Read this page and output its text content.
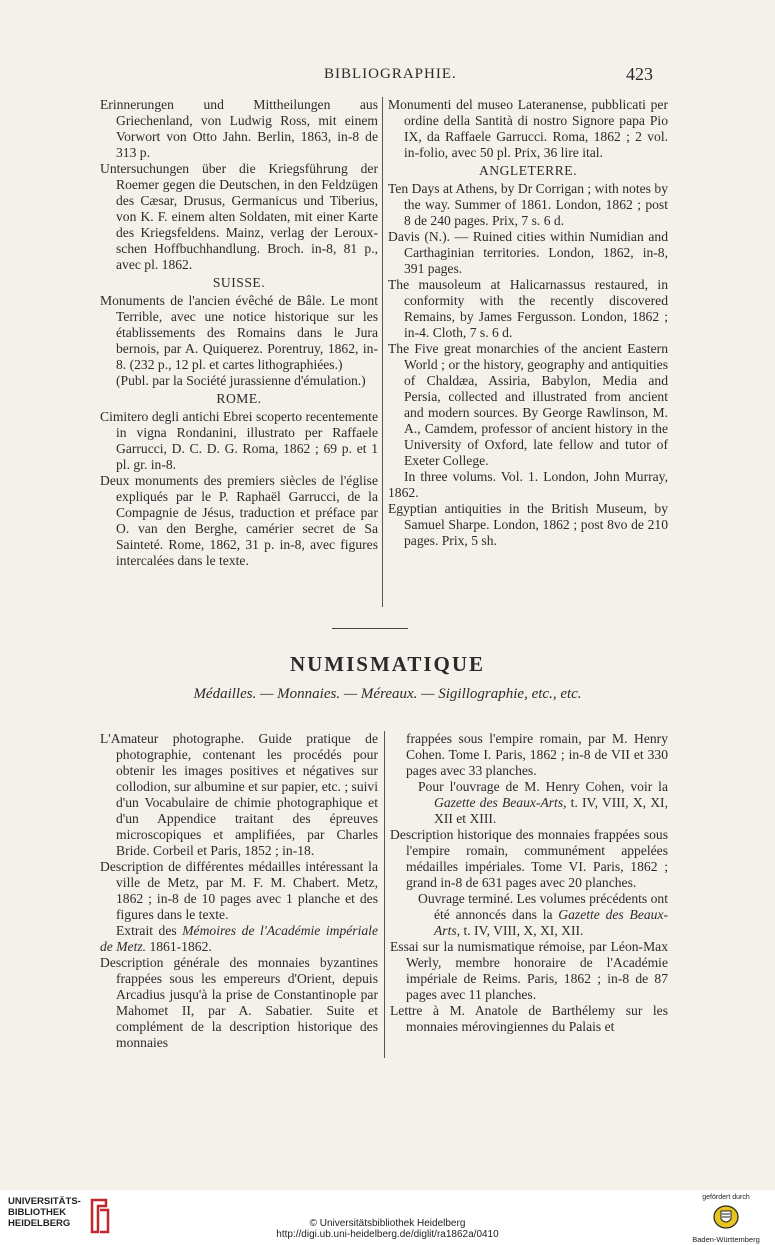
BIBLIOGRAPHIE.	423

Erinnerungen und Mittheilungen aus Griechenland, von Ludwig Ross, mit einem Vorwort von Otto Jahn. Berlin, 1863, in-8 de 313 p.

Untersuchungen über die Kriegsführung der Roemer gegen die Deutschen, in den Feldzügen des Cæsar, Drusus, Germanicus und Tiberius, von K. F. einem alten Soldaten, mit einer Karte des Kriegsfeldens. Mainz, verlag der Leroux-schen Hoffbuchhandlung. Broch. in-8, 81 p., avec pl. 1862.

SUISSE.

Monuments de l'ancien évêché de Bâle. Le mont Terrible, avec une notice historique sur les établissements des Romains dans le Jura bernois, par A. Quiquerez. Porentruy, 1862, in-8. (232 p., 12 pl. et cartes lithographiées.)

(Publ. par la Société jurassienne d'émulation.)

ROME.

Cimitero degli antichi Ebrei scoperto recentemente in vigna Rondanini, illustrato per Raffaele Garrucci, D. C. D. G. Roma, 1862 ; 69 p. et 1 pl. gr. in-8.

Deux monuments des premiers siècles de l'église expliqués par le P. Raphaël Garrucci, de la Compagnie de Jésus, traduction et préface par O. van den Berghe, camérier secret de Sa Sainteté. Rome, 1862, 31 p. in-8, avec figures intercalées dans le texte.

Monumenti del museo Lateranense, pubblicati per ordine della Santità di nostro Signore papa Pio IX, da Raffaele Garrucci. Roma, 1862 ; 2 vol. in-folio, avec 50 pl. Prix, 36 lire ital.

ANGLETERRE.

Ten Days at Athens, by Dr Corrigan ; with notes by the way. Summer of 1861. London, 1862 ; post 8 de 240 pages. Prix, 7 s. 6 d.

Davis (N.). — Ruined cities within Numidian and Carthaginian territories. London, 1862, in-8, 391 pages.

The mausoleum at Halicarnassus restaured, in conformity with the recently discovered Remains, by James Fergusson. London, 1862 ; in-4. Cloth, 7 s. 6 d.

The Five great monarchies of the ancient Eastern World ; or the history, geography and antiquities of Chaldæa, Assiria, Babylon, Media and Persia, collected and illustrated from ancient and modern sources. By George Rawlinson, M. A., Camdem, professor of ancient history in the University of Oxford, late fellow and tutor of Exeter College.

In three volums. Vol. 1. London, John Murray, 1862.

Egyptian antiquities in the British Museum, by Samuel Sharpe. London, 1862 ; post 8vo de 210 pages. Prix, 5 sh.

NUMISMATIQUE
Médailles. — Monnaies. — Méreaux. — Sigillographie, etc., etc.

L'Amateur photographe. Guide pratique de photographie, contenant les procédés pour obtenir les images positives et négatives sur collodion, sur albumine et sur papier, etc. ; suivi d'un Vocabulaire de chimie photographique et d'un Appendice traitant des épreuves microscopiques et amplifiées, par Charles Bride. Corbeil et Paris, 1852 ; in-18.

Description de différentes médailles intéressant la ville de Metz, par M. F. M. Chabert. Metz, 1862 ; in-8 de 10 pages avec 1 planche et des figures dans le texte.

Extrait des Mémoires de l'Académie impériale de Metz. 1861-1862.

Description générale des monnaies byzantines frappées sous les empereurs d'Orient, depuis Arcadius jusqu'à la prise de Constantinople par Mahomet II, par A. Sabatier. Suite et complément de la description historique des monnaies

frappées sous l'empire romain, par M. Henry Cohen. Tome I. Paris, 1862 ; in-8 de VII et 330 pages avec 33 planches.

Pour l'ouvrage de M. Henry Cohen, voir la Gazette des Beaux-Arts, t. IV, VIII, X, XI, XII et XIII.

Description historique des monnaies frappées sous l'empire romain, communément appelées médailles impériales. Tome VI. Paris, 1862 ; grand in-8 de 631 pages avec 20 planches.

Ouvrage terminé. Les volumes précédents ont été annoncés dans la Gazette des Beaux-Arts, t. IV, VIII, X, XI, XII.

Essai sur la numismatique rémoise, par Léon-Max Werly, membre honoraire de l'Académie impériale de Reims. Paris, 1862 ; in-8 de 87 pages avec 11 planches.

Lettre à M. Anatole de Barthélemy sur les monnaies mérovingiennes du Palais et

UNIVERSITÄTS-
BIBLIOTHEK
HEIDELBERG	© Universitätsbibliothek Heidelberg
http://digi.ub.uni-heidelberg.de/diglit/ra1862a/0410
gefördert durch
Baden-Württemberg
